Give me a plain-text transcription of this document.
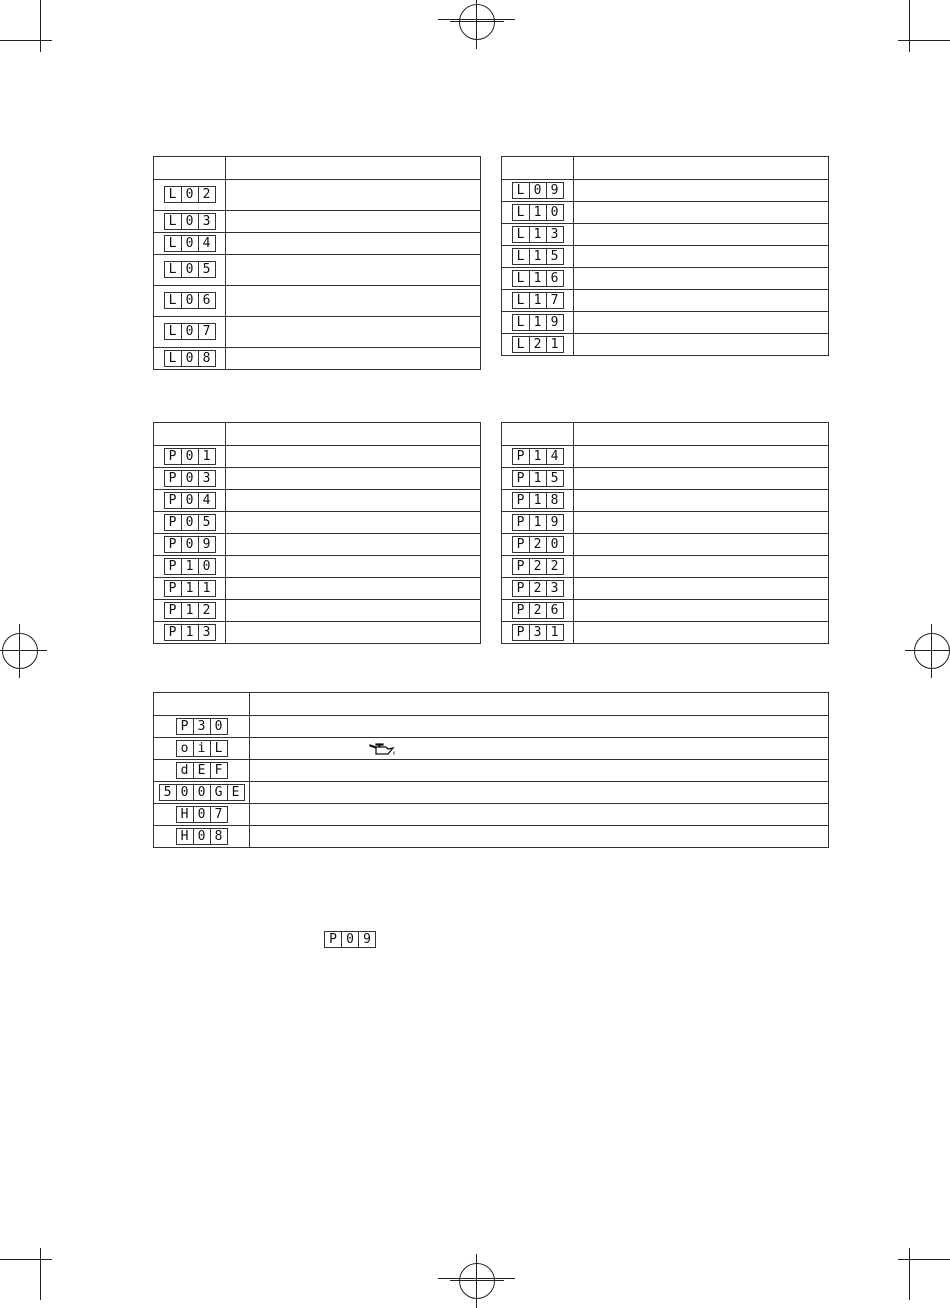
L 0 2	

L 0 3	

L 0 4	

L 0 5	

L 0 6	

L 0 7	

L 0 8	

L 0 9	

L 1 0	

L 1 3	

L 1 5	

L 1 6	

L 1 7	

L 1 9	

L 2 1	

P 0 1	

P 0 3	

P 0 4	

P 0 5	

P 0 9	

P 1 0	

P 1 1	

P 1 2	

P 1 3	

P 1 4	

P 1 5	

P 1 8	

P 1 9	

P 2 0	

P 2 2	

P 2 3	

P 2 6	

P 3 1	

P 3 0	

o i L

d E F	

5 0 0 G E	

H 0 7	

H 0 8	

P 0 9
